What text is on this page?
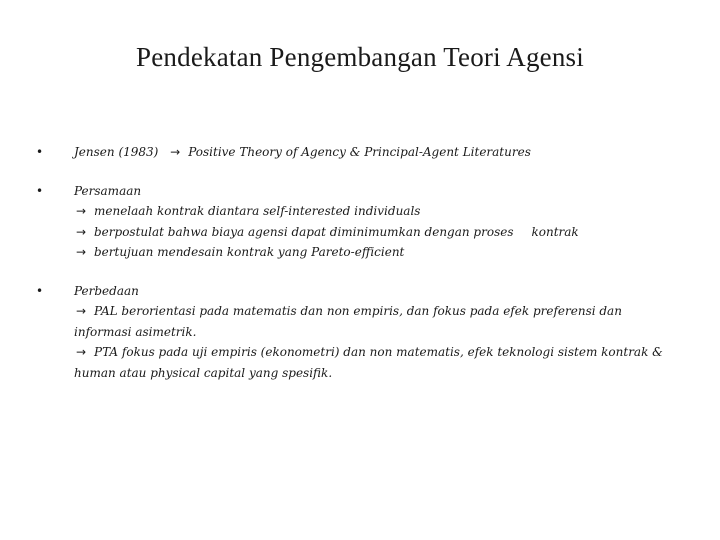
Pendekatan Pengembangan Teori Agensi
•	Jensen (1983) → Positive Theory of Agency & Principal-Agent Literatures
•	Persamaan
→ menelaah kontrak diantara self-interested individuals
→ berpostulat bahwa biaya agensi dapat diminimumkan dengan proses kontrak
→ bertujuan mendesain kontrak yang Pareto-efficient
•	Perbedaan
→ PAL berorientasi pada matematis dan non empiris, dan fokus pada efek preferensi dan informasi asimetrik.
→ PTA fokus pada uji empiris (ekonometri) dan non matematis, efek teknologi sistem kontrak & human atau physical capital yang spesifik.
